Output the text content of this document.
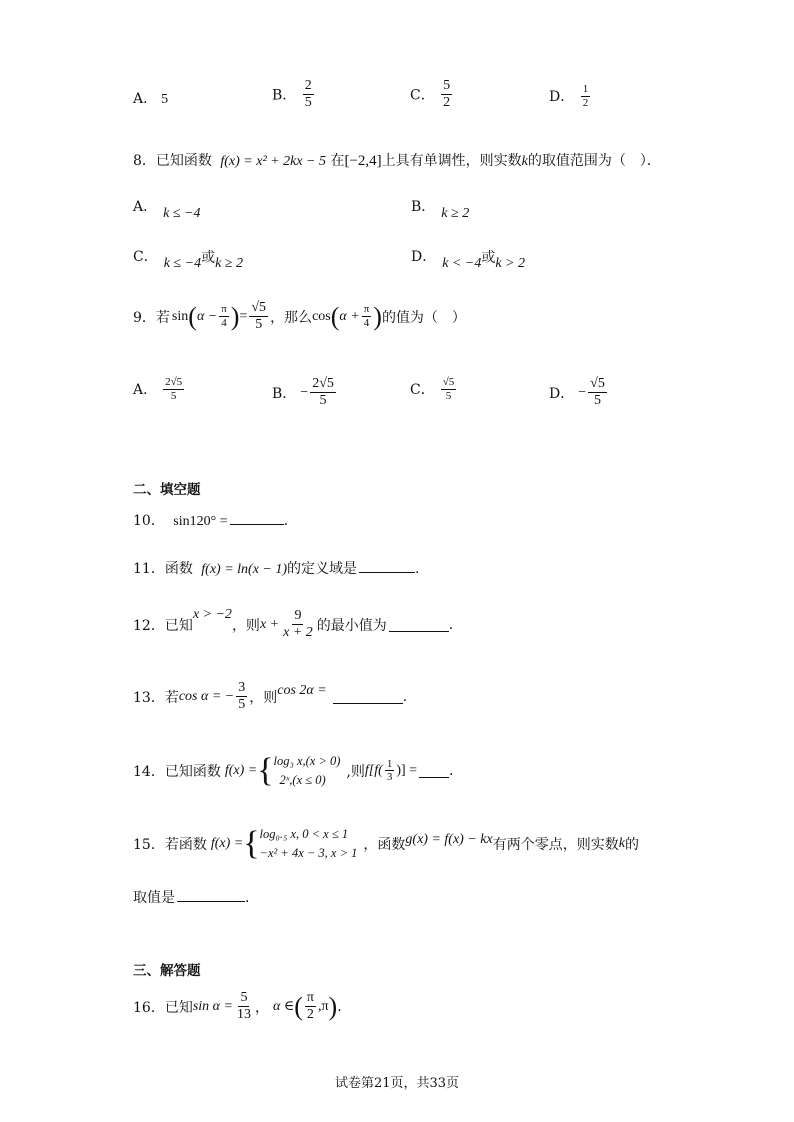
A． 5	B． $\frac{2}{5}$	C． $\frac{5}{2}$	D． $\frac{1}{2}$
8．已知函数 f(x) = x² + 2kx − 5 在[−2,4]上具有单调性，则实数k的取值范围为（　）．
A． k ≤ −4	B． k ≥ 2
C． k ≤ −4或k ≥ 2	D． k < −4或k > 2
9． 若 sin ( $\alpha - \frac{\pi}{4}$ ) = $\frac{√5}{5}$ ，那么 cos ( $\alpha + \frac{\pi}{4}$ ) 的值为（　）
A． $\frac{2√5}{5}$	B． − $\frac{2√5}{5}$	C． $\frac{√5}{5}$	D． − $\frac{√5}{5}$
二、填空题
10． sin120° =	.
11．函数 f(x) = ln(x − 1)的定义域是	.
12． 已知
x > −2
，则 $x + \frac{9}{x + 2}$ 的最小值为	.
13． 若 cos α = − $\frac{3}{5}$ ，则 cos 2α =	.
14． 已知函数 f(x) = { log₃ x,(x > 0)
2ˣ,(x ≤ 0)	,则 $f[f( \frac{1}{3}$ )] = .
15． 若函数 f(x) = { log₀.₅ x, 0 < x ≤ 1
−x² + 4x − 3, x > 1 ，函数 g(x) = f(x) − kx 有两个零点，则实数 k 的
取值是	.
三、解答题
16． 已知 $\sin \alpha = \frac{5}{13}$ ， α ∈ ( $\frac{\pi}{2} ,\pi$ ) .
试卷第21页，共33页
